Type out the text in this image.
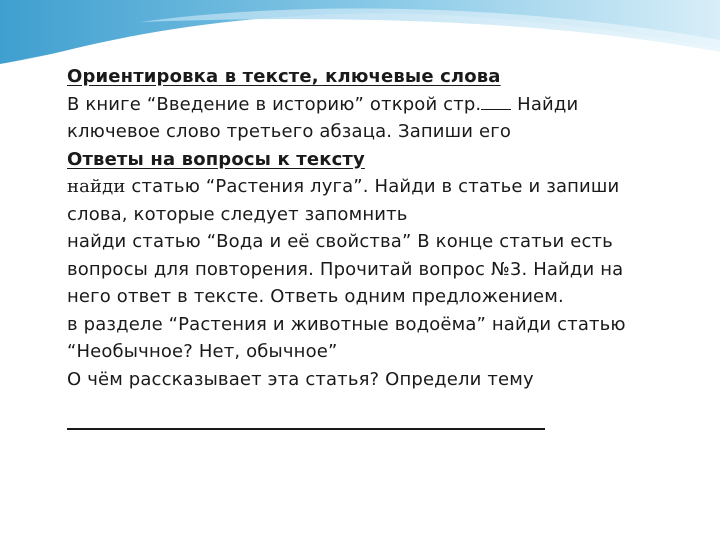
Ориентировка в тексте, ключевые слова
В книге “Введение в историю” открой стр. Найди
ключевое слово третьего абзаца. Запиши его
Ответы на вопросы к тексту
найди статью “Растения луга”. Найди в статье и запиши
слова, которые следует запомнить
найди статью “Вода и её свойства” В конце статьи есть
вопросы для повторения. Прочитай вопрос №3. Найди на
него ответ в тексте. Ответь одним предложением.
в разделе “Растения и животные водоёма” найди статью
“Необычное? Нет, обычное”
О чём рассказывает эта статья? Определи тему
